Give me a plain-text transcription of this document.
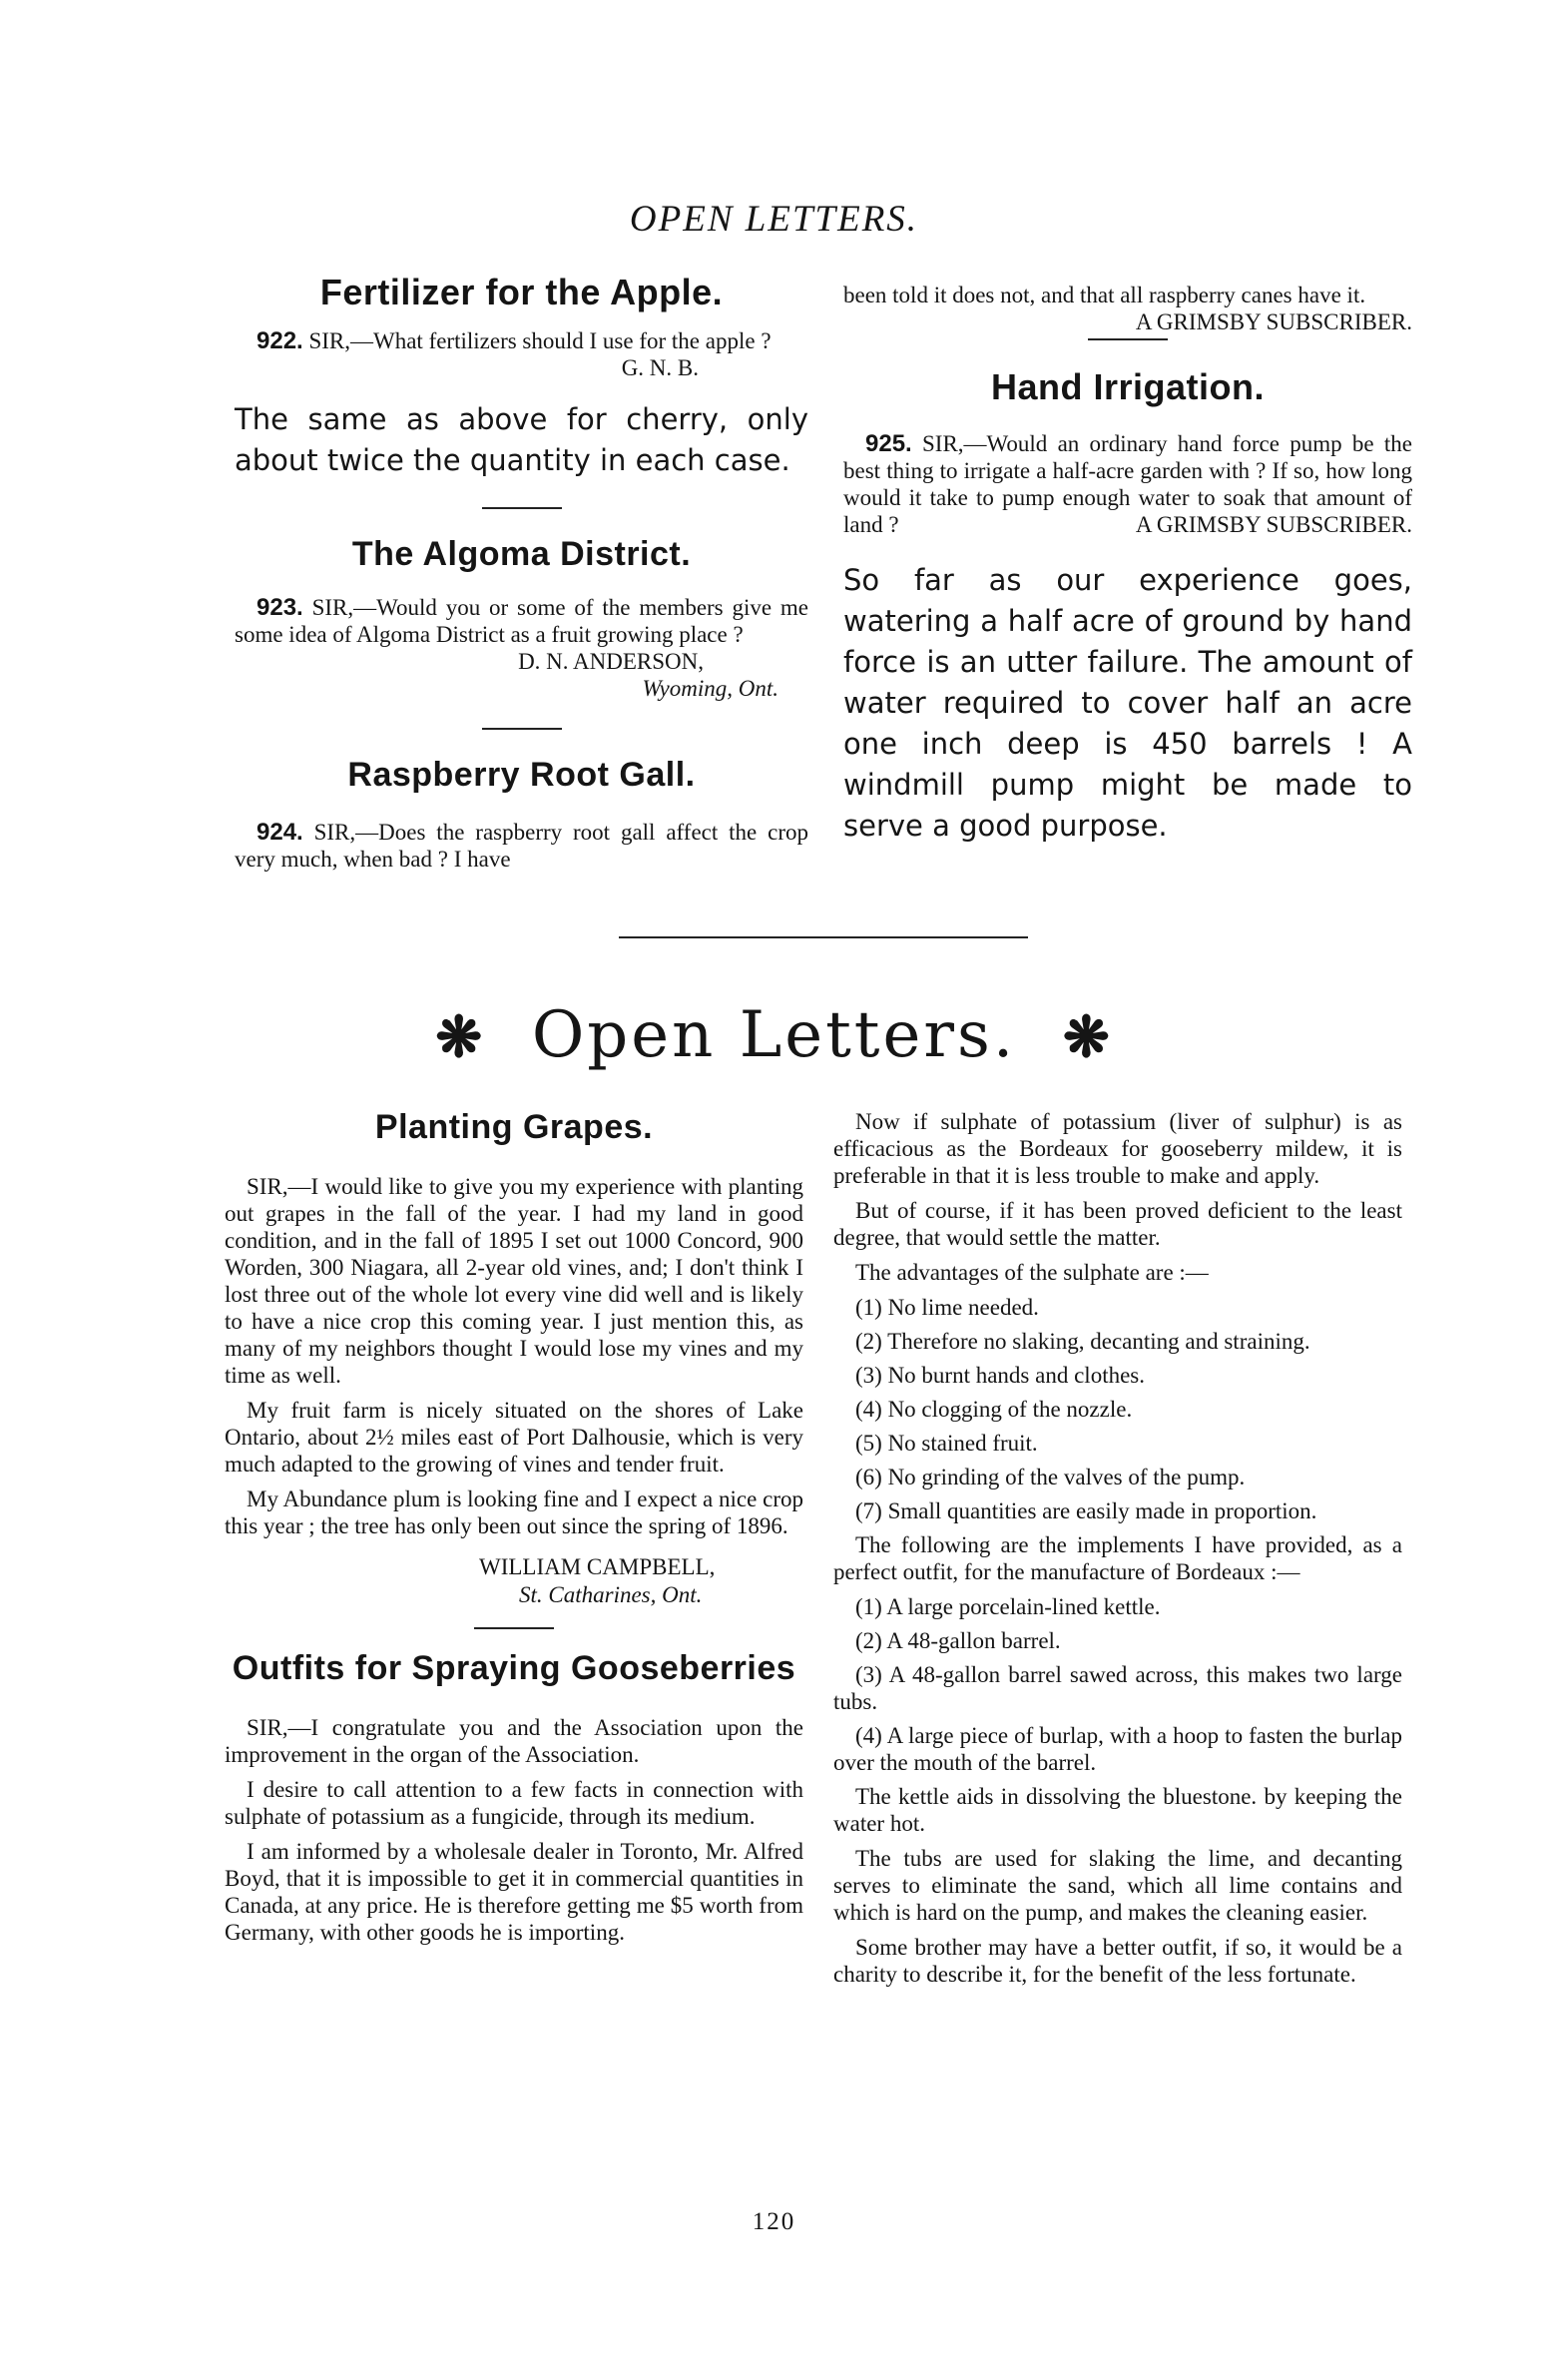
OPEN LETTERS.
Fertilizer for the Apple.

922. SIR,—What fertilizers should I use for the apple ?

G. N. B.

The same as above for cherry, only about twice the quantity in each case.

The Algoma District.

923. SIR,—Would you or some of the members give me some idea of Algoma District as a fruit growing place ?

D. N. ANDERSON,

Wyoming, Ont.

Raspberry Root Gall.

924. SIR,—Does the raspberry root gall affect the crop very much, when bad ? I have

been told it does not, and that all raspberry canes have it.
A GRIMSBY SUBSCRIBER.

Hand Irrigation.

925. SIR,—Would an ordinary hand force pump be the best thing to irrigate a half-acre garden with ? If so, how long would it take to pump enough water to soak that amount of land ?	A GRIMSBY SUBSCRIBER.

So far as our experience goes, watering a half acre of ground by hand force is an utter failure. The amount of water required to cover half an acre one inch deep is 450 barrels ! A windmill pump might be made to serve a good purpose.

❋ Open Letters. ❋
Planting Grapes.

SIR,—I would like to give you my experience with planting out grapes in the fall of the year. I had my land in good condition, and in the fall of 1895 I set out 1000 Concord, 900 Worden, 300 Niagara, all 2-year old vines, and; I don't think I lost three out of the whole lot every vine did well and is likely to have a nice crop this coming year. I just mention this, as many of my neighbors thought I would lose my vines and my time as well.

My fruit farm is nicely situated on the shores of Lake Ontario, about 2½ miles east of Port Dalhousie, which is very much adapted to the growing of vines and tender fruit.

My Abundance plum is looking fine and I expect a nice crop this year ; the tree has only been out since the spring of 1896.

WILLIAM CAMPBELL,
St. Catharines, Ont.
Outfits for Spraying Gooseberries

SIR,—I congratulate you and the Association upon the improvement in the organ of the Association.

I desire to call attention to a few facts in connection with sulphate of potassium as a fungicide, through its medium.

I am informed by a wholesale dealer in Toronto, Mr. Alfred Boyd, that it is impossible to get it in commercial quantities in Canada, at any price. He is therefore getting me $5 worth from Germany, with other goods he is importing.

Now if sulphate of potassium (liver of sulphur) is as efficacious as the Bordeaux for gooseberry mildew, it is preferable in that it is less trouble to make and apply.

But of course, if it has been proved deficient to the least degree, that would settle the matter.

The advantages of the sulphate are :—

(1) No lime needed.

(2) Therefore no slaking, decanting and straining.

(3) No burnt hands and clothes.

(4) No clogging of the nozzle.

(5) No stained fruit.

(6) No grinding of the valves of the pump.

(7) Small quantities are easily made in proportion.

The following are the implements I have provided, as a perfect outfit, for the manufacture of Bordeaux :—

(1) A large porcelain-lined kettle.

(2) A 48-gallon barrel.

(3) A 48-gallon barrel sawed across, this makes two large tubs.

(4) A large piece of burlap, with a hoop to fasten the burlap over the mouth of the barrel.

The kettle aids in dissolving the bluestone. by keeping the water hot.

The tubs are used for slaking the lime, and decanting serves to eliminate the sand, which all lime contains and which is hard on the pump, and makes the cleaning easier.

Some brother may have a better outfit, if so, it would be a charity to describe it, for the benefit of the less fortunate.

120
